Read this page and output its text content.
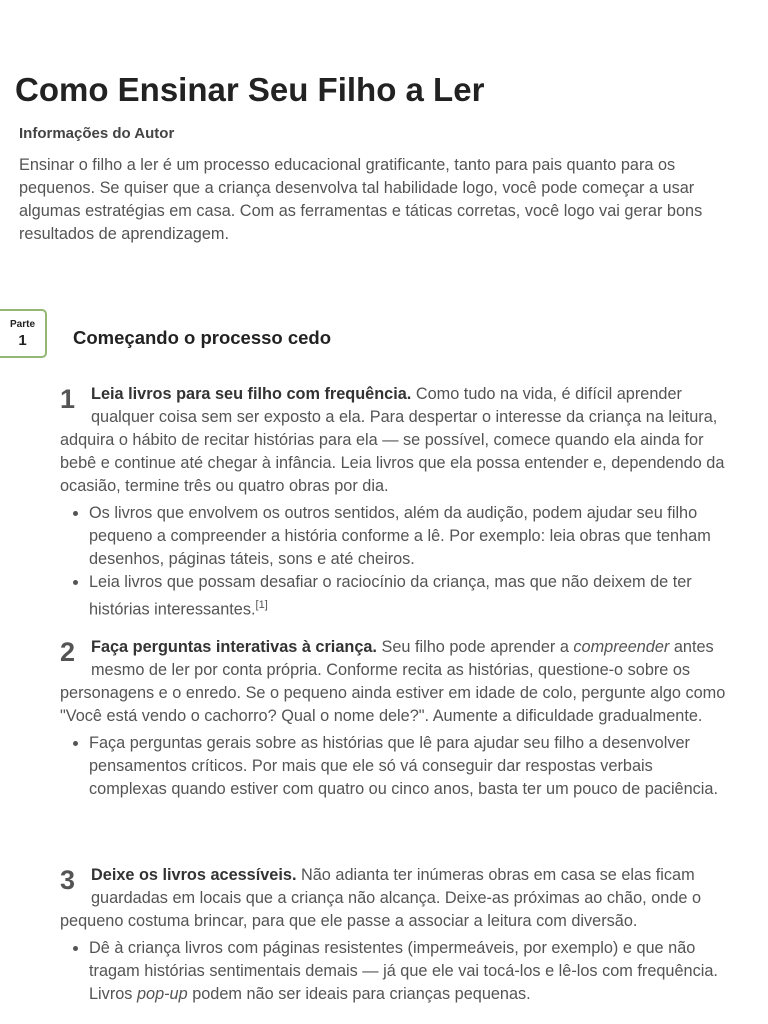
Como Ensinar Seu Filho a Ler
Informações do Autor

Ensinar o filho a ler é um processo educacional gratificante, tanto para pais quanto para os pequenos. Se quiser que a criança desenvolva tal habilidade logo, você pode começar a usar algumas estratégias em casa. Com as ferramentas e táticas corretas, você logo vai gerar bons resultados de aprendizagem.

Parte
1	Começando o processo cedo
1 Leia livros para seu filho com frequência. Como tudo na vida, é difícil aprender qualquer coisa sem ser exposto a ela. Para despertar o interesse da criança na leitura, adquira o hábito de recitar histórias para ela — se possível, comece quando ela ainda for bebê e continue até chegar à infância. Leia livros que ela possa entender e, dependendo da ocasião, termine três ou quatro obras por dia.

• Os livros que envolvem os outros sentidos, além da audição, podem ajudar seu filho pequeno a compreender a história conforme a lê. Por exemplo: leia obras que tenham desenhos, páginas táteis, sons e até cheiros.
• Leia livros que possam desafiar o raciocínio da criança, mas que não deixem de ter histórias interessantes.[1]
2 Faça perguntas interativas à criança. Seu filho pode aprender a compreender antes mesmo de ler por conta própria. Conforme recita as histórias, questione-o sobre os personagens e o enredo. Se o pequeno ainda estiver em idade de colo, pergunte algo como "Você está vendo o cachorro? Qual o nome dele?". Aumente a dificuldade gradualmente.

• Faça perguntas gerais sobre as histórias que lê para ajudar seu filho a desenvolver pensamentos críticos. Por mais que ele só vá conseguir dar respostas verbais complexas quando estiver com quatro ou cinco anos, basta ter um pouco de paciência.
3 Deixe os livros acessíveis. Não adianta ter inúmeras obras em casa se elas ficam guardadas em locais que a criança não alcança. Deixe-as próximas ao chão, onde o pequeno costuma brincar, para que ele passe a associar a leitura com diversão.

• Dê à criança livros com páginas resistentes (impermeáveis, por exemplo) e que não tragam histórias sentimentais demais — já que ele vai tocá-los e lê-los com frequência. Livros pop-up podem não ser ideais para crianças pequenas.
